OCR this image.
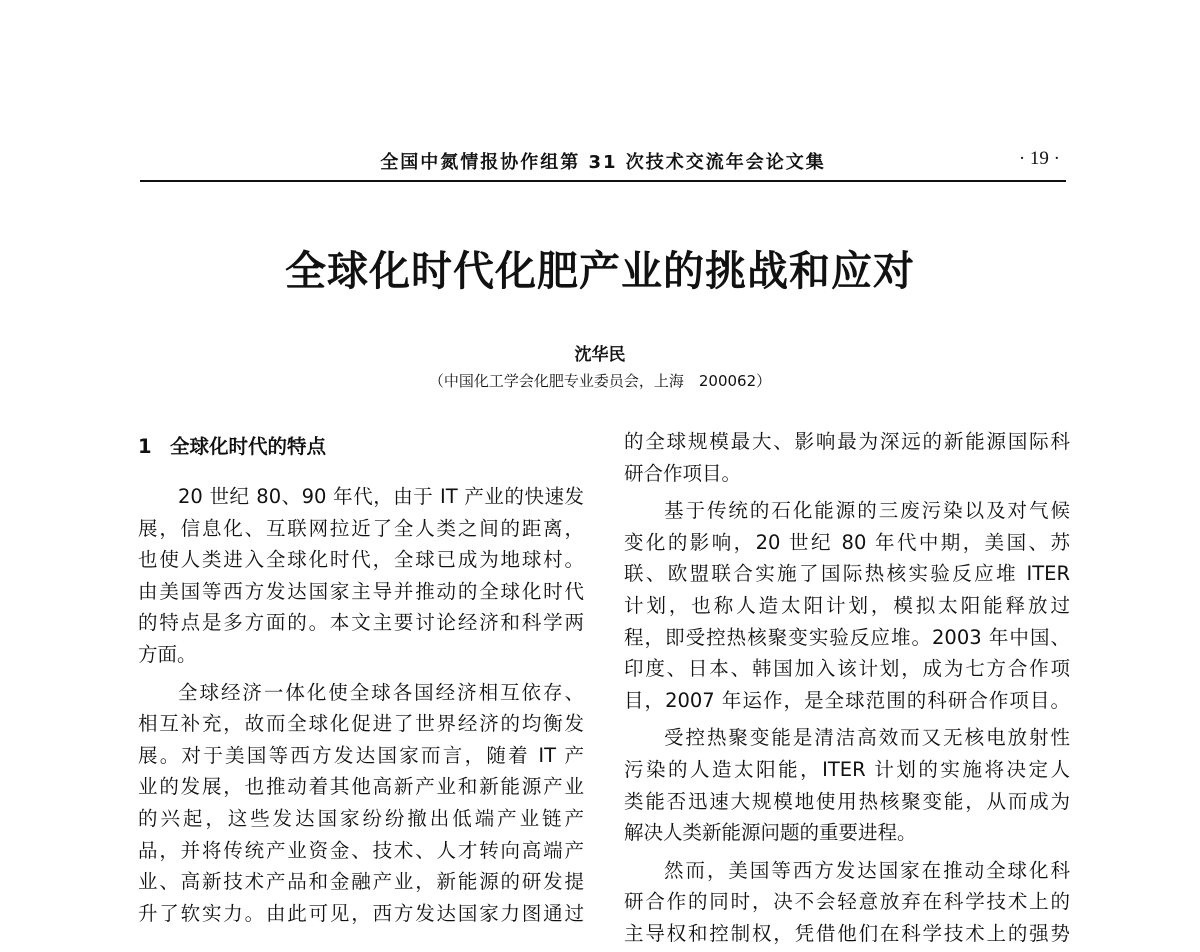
全国中氮情报协作组第 31 次技术交流年会论文集	· 19 ·
全球化时代化肥产业的挑战和应对
沈华民
（中国化工学会化肥专业委员会，上海　200062）
1 全球化时代的特点
20 世纪 80、90 年代，由于 IT 产业的快速发
展，信息化、互联网拉近了全人类之间的距离，
也使人类进入全球化时代，全球已成为地球村。
由美国等西方发达国家主导并推动的全球化时代
的特点是多方面的。本文主要讨论经济和科学两
方面。
全球经济一体化使全球各国经济相互依存、
相互补充，故而全球化促进了世界经济的均衡发
展。对于美国等西方发达国家而言，随着 IT 产
业的发展，也推动着其他高新产业和新能源产业
的兴起，这些发达国家纷纷撤出低端产业链产
品，并将传统产业资金、技术、人才转向高端产
业、高新技术产品和金融产业，新能源的研发提
升了软实力。由此可见，西方发达国家力图通过
的全球规模最大、影响最为深远的新能源国际科
研合作项目。
基于传统的石化能源的三废污染以及对气候
变化的影响，20 世纪 80 年代中期，美国、苏
联、欧盟联合实施了国际热核实验反应堆 ITER
计划，也称人造太阳计划，模拟太阳能释放过
程，即受控热核聚变实验反应堆。2003 年中国、
印度、日本、韩国加入该计划，成为七方合作项
目，2007 年运作，是全球范围的科研合作项目。
受控热聚变能是清洁高效而又无核电放射性
污染的人造太阳能，ITER 计划的实施将决定人
类能否迅速大规模地使用热核聚变能，从而成为
解决人类新能源问题的重要进程。
然而，美国等西方发达国家在推动全球化科
研合作的同时，决不会轻意放弃在科学技术上的
主导权和控制权，凭借他们在科学技术上的强势
